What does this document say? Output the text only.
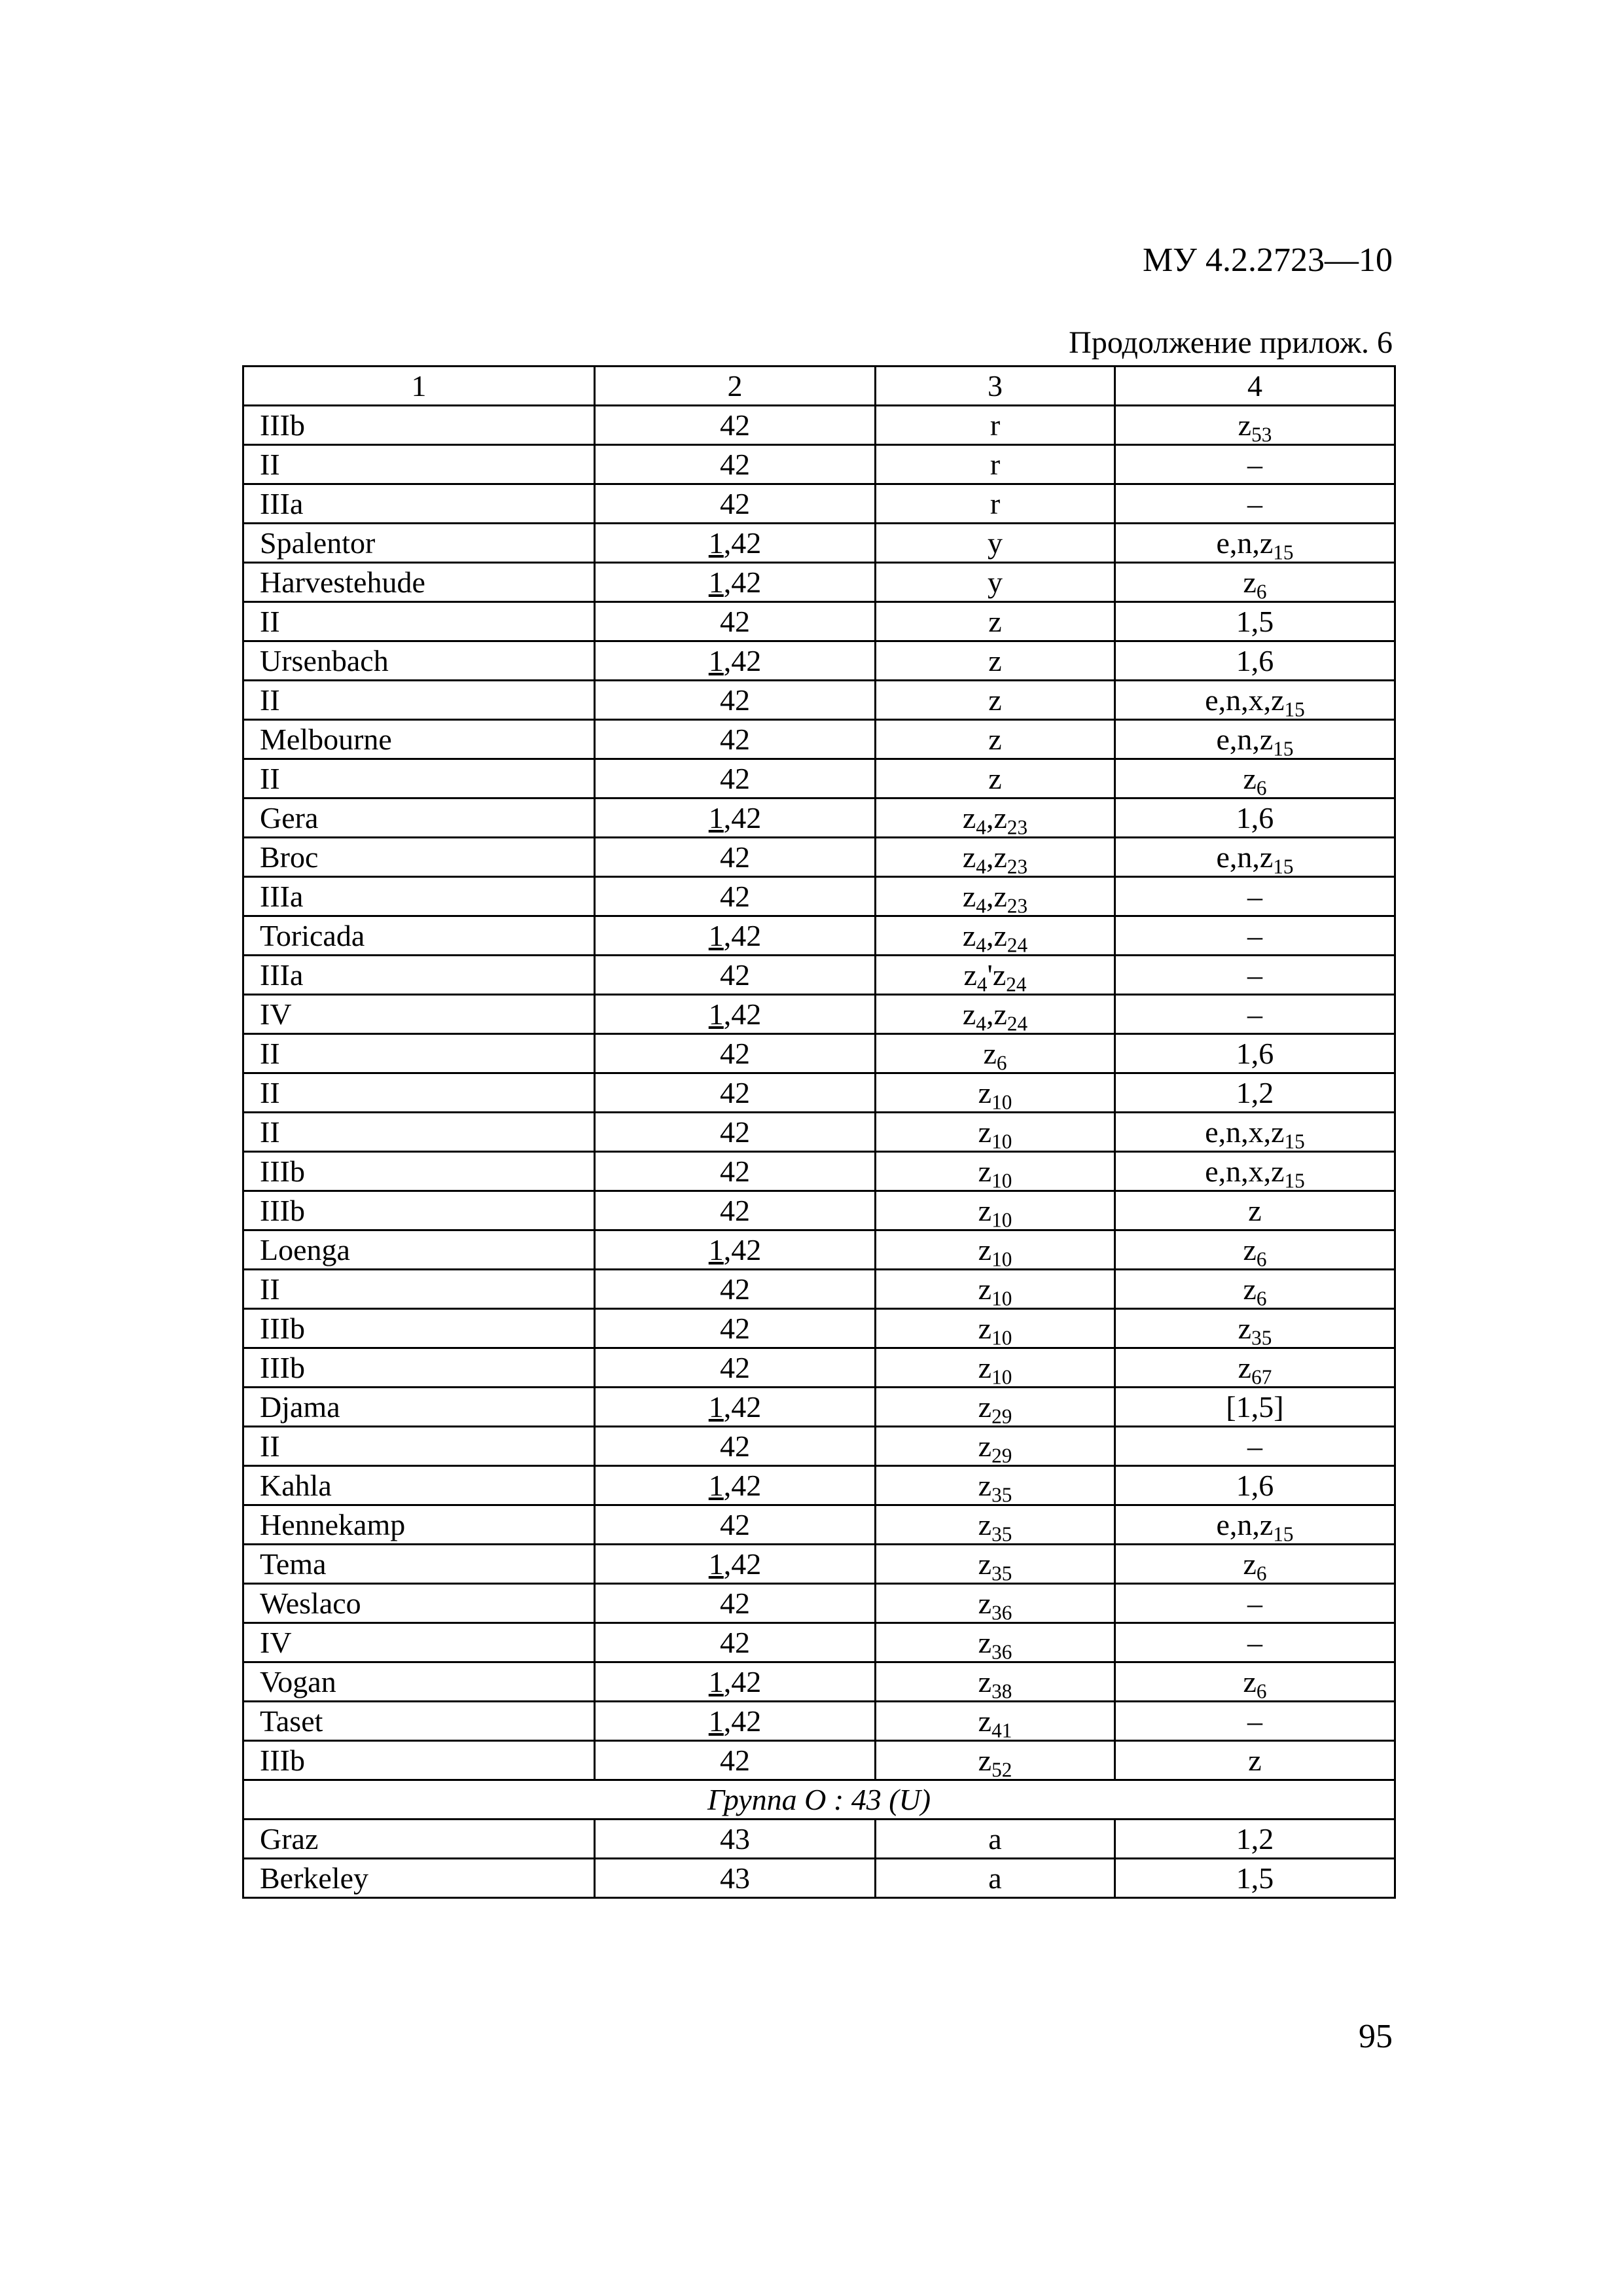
МУ 4.2.2723—10
Продолжение прилож. 6
1	2	3	4
IIIb	42	r	$z_{53}$
II	42	r	–
IIIa	42	r	–
Spalentor	1,42	y	$e,n,z_{15}$
Harvestehude	1,42	y	$z_6$
II	42	z	1,5
Ursenbach	1,42	z	1,6
II	42	z	$e,n,x,z_{15}$
Melbourne	42	z	$e,n,z_{15}$
II	42	z	$z_6$
Gera	1,42	$z_4,z_{23}$	1,6
Broc	42	$z_4,z_{23}$	$e,n,z_{15}$
IIIa	42	$z_4,z_{23}$	–
Toricada	1,42	$z_4,z_{24}$	–
IIIa	42	$z_4'z_{24}$	–
IV	1,42	$z_4,z_{24}$	–
II	42	$z_6$	1,6
II	42	$z_{10}$	1,2
II	42	$z_{10}$	$e,n,x,z_{15}$
IIIb	42	$z_{10}$	$e,n,x,z_{15}$
IIIb	42	$z_{10}$	z
Loenga	1,42	$z_{10}$	$z_6$
II	42	$z_{10}$	$z_6$
IIIb	42	$z_{10}$	$z_{35}$
IIIb	42	$z_{10}$	$z_{67}$
Djama	1,42	$z_{29}$	[1,5]
II	42	$z_{29}$	–
Kahla	1,42	$z_{35}$	1,6
Hennekamp	42	$z_{35}$	$e,n,z_{15}$
Tema	1,42	$z_{35}$	$z_6$
Weslaco	42	$z_{36}$	–
IV	42	$z_{36}$	–
Vogan	1,42	$z_{38}$	$z_6$
Taset	1,42	$z_{41}$	–
IIIb	42	$z_{52}$	z
Группа О : 43 (U)			
Graz	43	a	1,2
Berkeley	43	a	1,5
95
